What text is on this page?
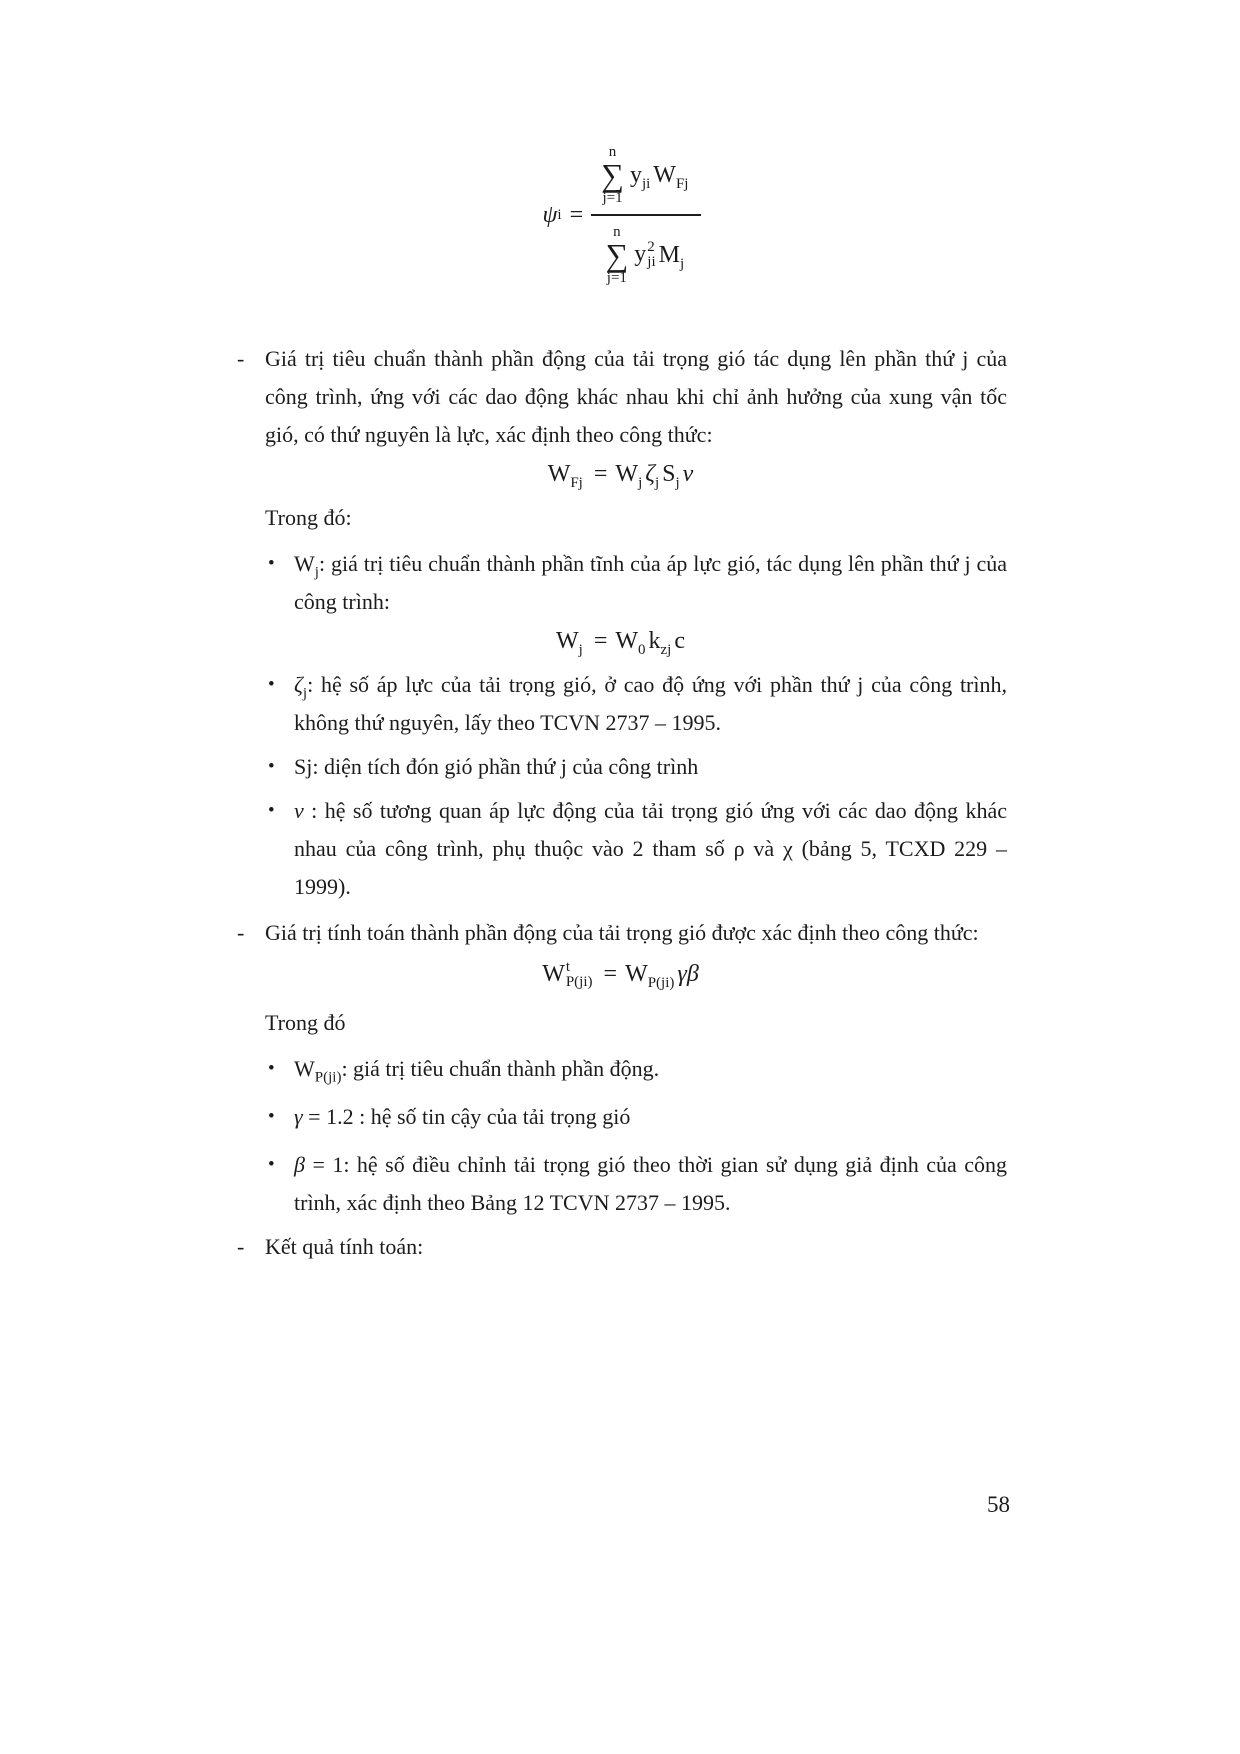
ψ i =
n
∑
j=1
$y_{ji}$ $W_{Fj}$
n
∑
j=1
y 2
ji $M_j$
- Giá trị tiêu chuẩn thành phần động của tải trọng gió tác dụng lên phần thứ j của công trình, ứng với các dao động khác nhau khi chỉ ảnh hưởng của xung vận tốc gió, có thứ nguyên là lực, xác định theo công thức:
$W_{Fj} = W_j$ $\zeta_j$ $S_j$ ν
Trong đó:
• $W_j$: giá trị tiêu chuẩn thành phần tĩnh của áp lực gió, tác dụng lên phần thứ j của công trình:
$W_j = W_0$ $k_{zj}$ c
• $\zeta_j$: hệ số áp lực của tải trọng gió, ở cao độ ứng với phần thứ j của công trình, không thứ nguyên, lấy theo TCVN 2737 – 1995.
• Sj: diện tích đón gió phần thứ j của công trình
• ν : hệ số tương quan áp lực động của tải trọng gió ứng với các dao động khác nhau của công trình, phụ thuộc vào 2 tham số ρ và χ (bảng 5, TCXD 229 – 1999).
- Giá trị tính toán thành phần động của tải trọng gió được xác định theo công thức:
W t
$P(ji) = W_{P(ji)}$ γβ
Trong đó
• $W_{P(ji)}$: giá trị tiêu chuẩn thành phần động.
• γ = 1.2 : hệ số tin cậy của tải trọng gió
• β = 1: hệ số điều chỉnh tải trọng gió theo thời gian sử dụng giả định của công trình, xác định theo Bảng 12 TCVN 2737 – 1995.
- Kết quả tính toán:
58
